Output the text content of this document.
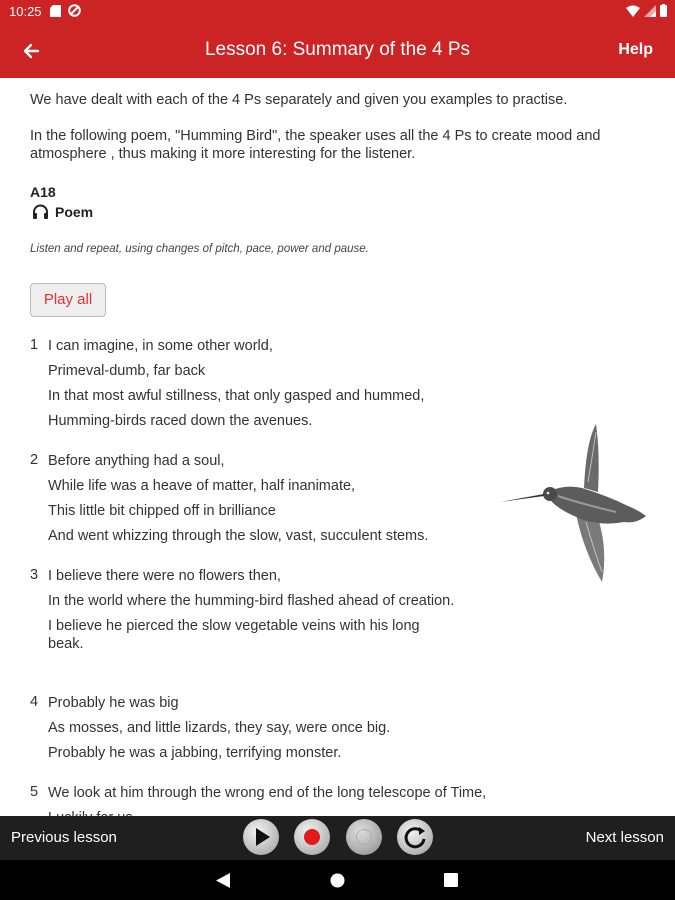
10:25
Lesson 6: Summary of the 4 Ps	Help
We have dealt with each of the 4 Ps separately and given you examples to practise.
In the following poem, "Humming Bird", the speaker uses all the 4 Ps to create mood and atmosphere , thus making it more interesting for the listener.
A18
Poem
Listen and repeat, using changes of pitch, pace, power and pause.
Play all
1 I can imagine, in some other world,
Primeval-dumb, far back
In that most awful stillness, that only gasped and hummed,
Humming-birds raced down the avenues.
2 Before anything had a soul,
While life was a heave of matter, half inanimate,
This little bit chipped off in brilliance
And went whizzing through the slow, vast, succulent stems.
3 I believe there were no flowers then,
In the world where the humming-bird flashed ahead of creation.
I believe he pierced the slow vegetable veins with his long beak.
4 Probably he was big
As mosses, and little lizards, they say, were once big.
Probably he was a jabbing, terrifying monster.
5 We look at him through the wrong end of the long telescope of Time,
Previous lesson	x2	Next lesson
